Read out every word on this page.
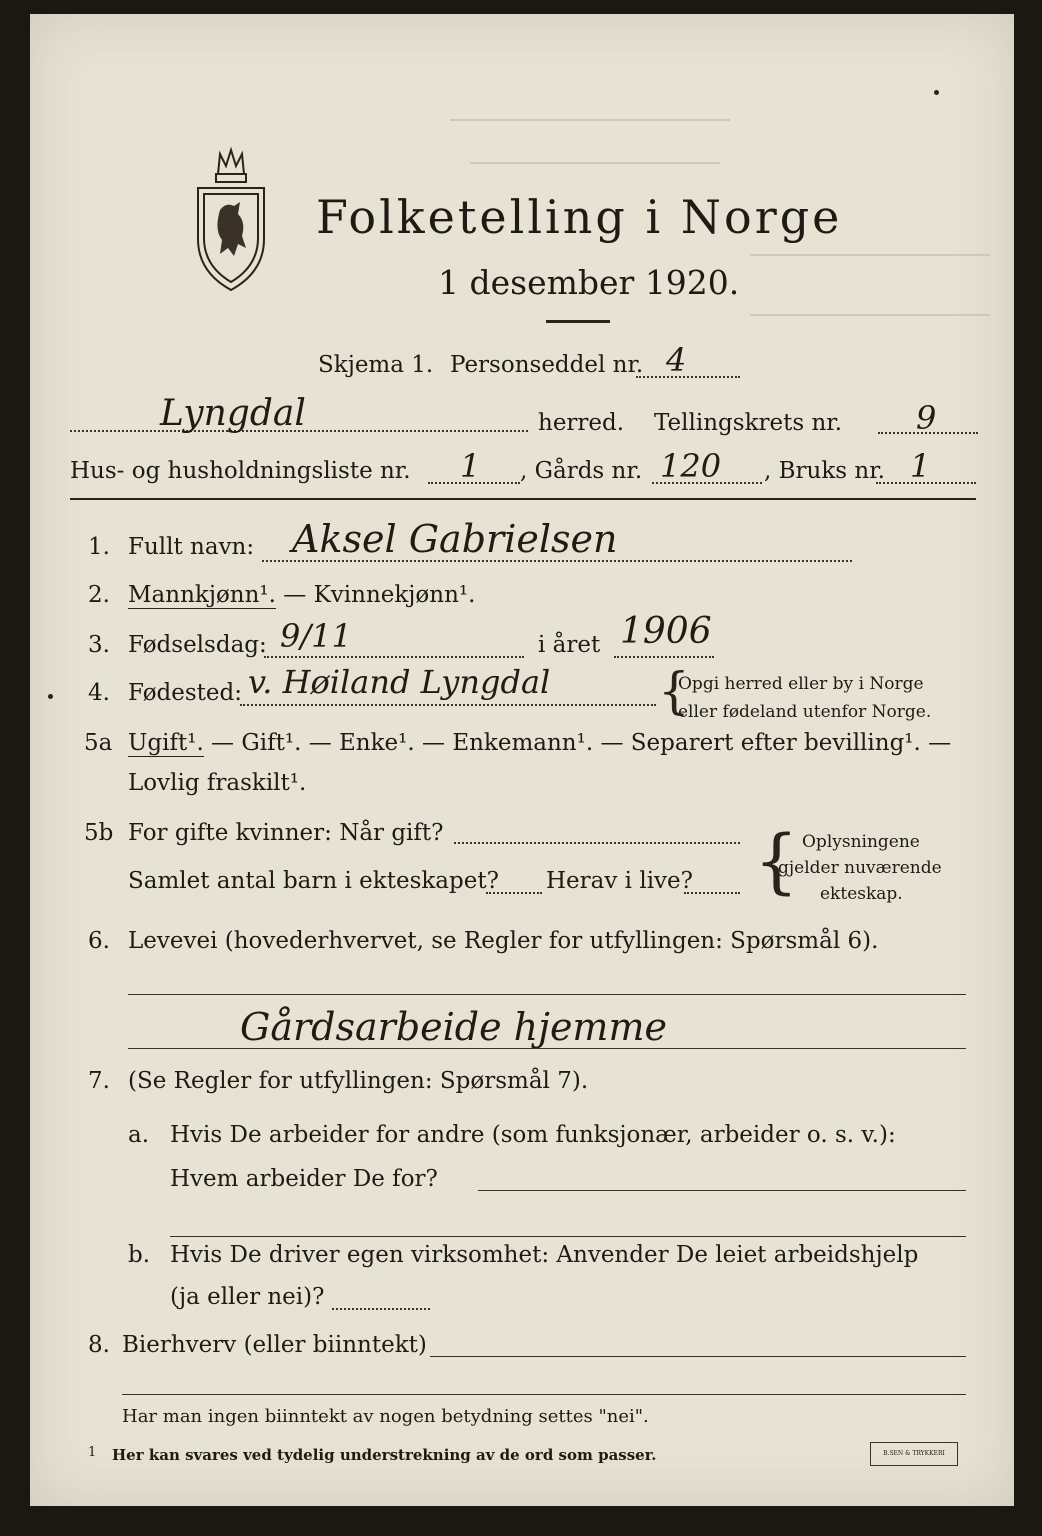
Folketelling i Norge
1 desember 1920.
Skjema 1. Personseddel nr. 4
Lyngdal	herred. Tellingskrets nr. 9
Hus- og husholdningsliste nr. 1 , Gårds nr. 120 , Bruks nr. 1
1. Fullt navn: Aksel Gabrielsen
2. Mannkjønn¹. — Kvinnekjønn¹.
3. Fødselsdag: 9/11	i året 1906
4. Fødested: v. Høiland Lyngdal {
Opgi herred eller by i Norge
eller fødeland utenfor Norge.
5a Ugift¹. — Gift¹. — Enke¹. — Enkemann¹. — Separert efter bevilling¹. —
Lovlig fraskilt¹.
5b For gifte kvinner: Når gift?
Samlet antal barn i ekteskapet? Herav i live? { Oplysningene
gjelder nuværende
ekteskap.
6. Levevei (hovederhvervet, se Regler for utfyllingen: Spørsmål 6).
Gårdsarbeide hjemme
7. (Se Regler for utfyllingen: Spørsmål 7).
a. Hvis De arbeider for andre (som funksjonær, arbeider o. s. v.):
Hvem arbeider De for?
b. Hvis De driver egen virksomhet: Anvender De leiet arbeidshjelp
(ja eller nei)?
8. Bierhverv (eller biinntekt)
Har man ingen biinntekt av nogen betydning settes "nei".
1 Her kan svares ved tydelig understrekning av de ord som passer.	B.SEN & TRYKKERI
